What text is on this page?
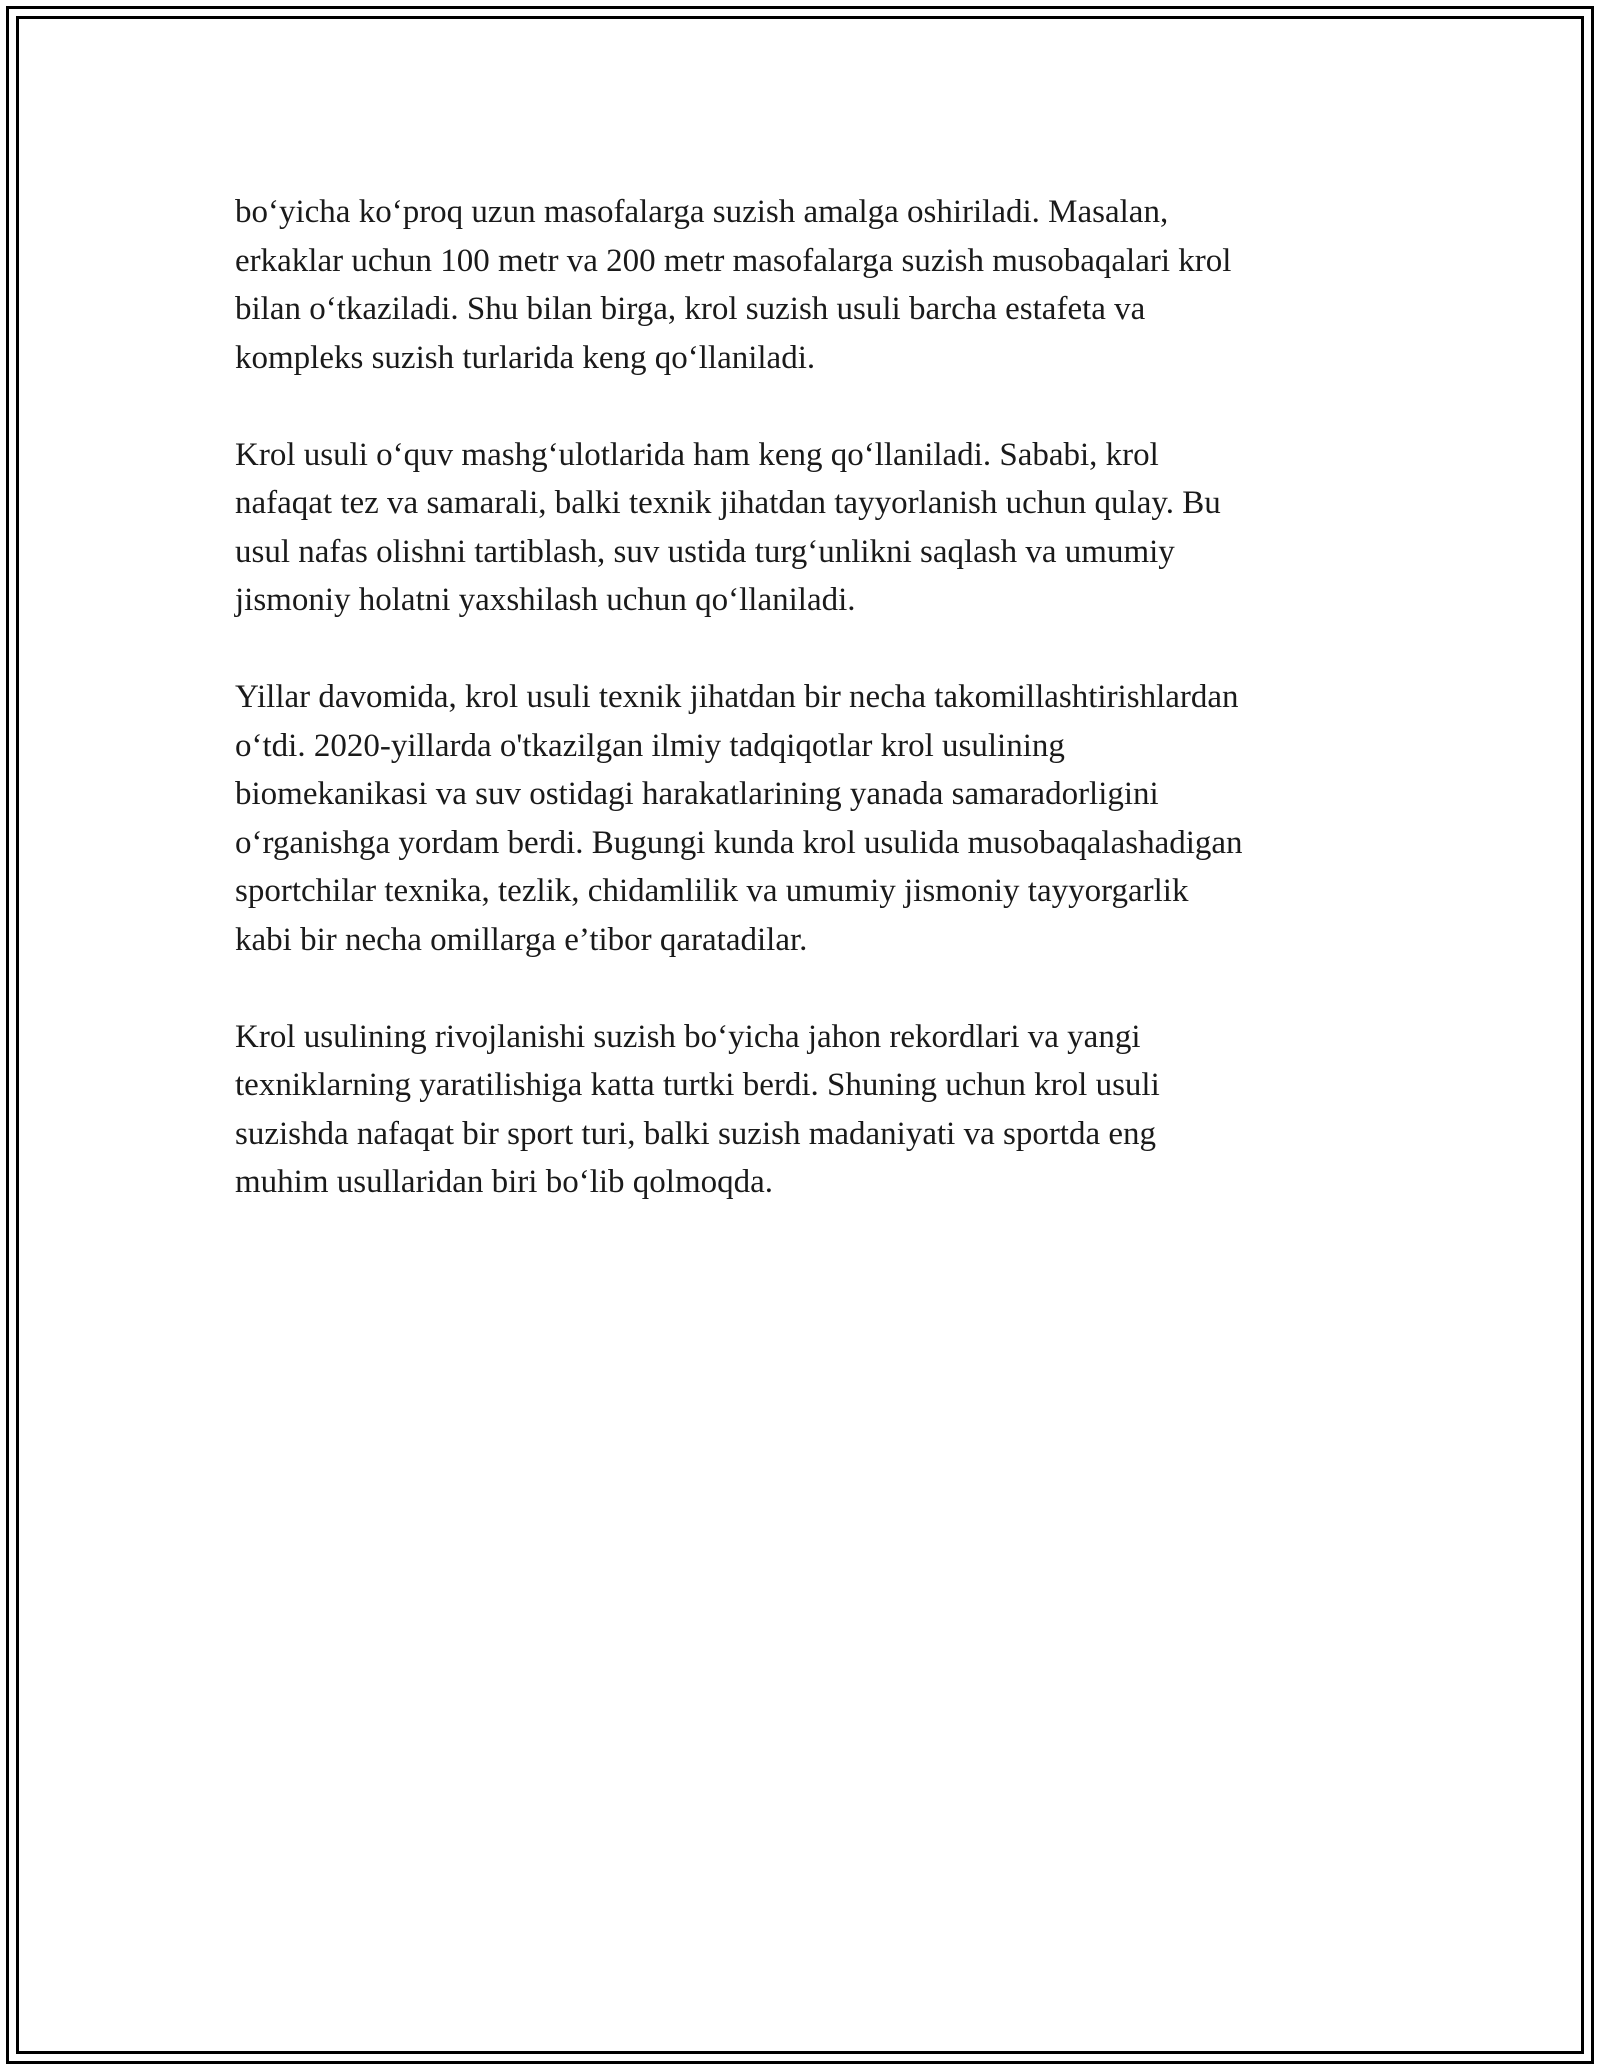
bo‘yicha ko‘proq uzun masofalarga suzish amalga oshiriladi. Masalan,
erkaklar uchun 100 metr va 200 metr masofalarga suzish musobaqalari krol
bilan o‘tkaziladi. Shu bilan birga, krol suzish usuli barcha estafeta va
kompleks suzish turlarida keng qo‘llaniladi.

Krol usuli o‘quv mashg‘ulotlarida ham keng qo‘llaniladi. Sababi, krol
nafaqat tez va samarali, balki texnik jihatdan tayyorlanish uchun qulay. Bu
usul nafas olishni tartiblash, suv ustida turg‘unlikni saqlash va umumiy
jismoniy holatni yaxshilash uchun qo‘llaniladi.

Yillar davomida, krol usuli texnik jihatdan bir necha takomillashtirishlardan
o‘tdi. 2020-yillarda o'tkazilgan ilmiy tadqiqotlar krol usulining
biomekanikasi va suv ostidagi harakatlarining yanada samaradorligini
o‘rganishga yordam berdi. Bugungi kunda krol usulida musobaqalashadigan
sportchilar texnika, tezlik, chidamlilik va umumiy jismoniy tayyorgarlik
kabi bir necha omillarga e’tibor qaratadilar.

Krol usulining rivojlanishi suzish bo‘yicha jahon rekordlari va yangi
texniklarning yaratilishiga katta turtki berdi. Shuning uchun krol usuli
suzishda nafaqat bir sport turi, balki suzish madaniyati va sportda eng
muhim usullaridan biri bo‘lib qolmoqda.
